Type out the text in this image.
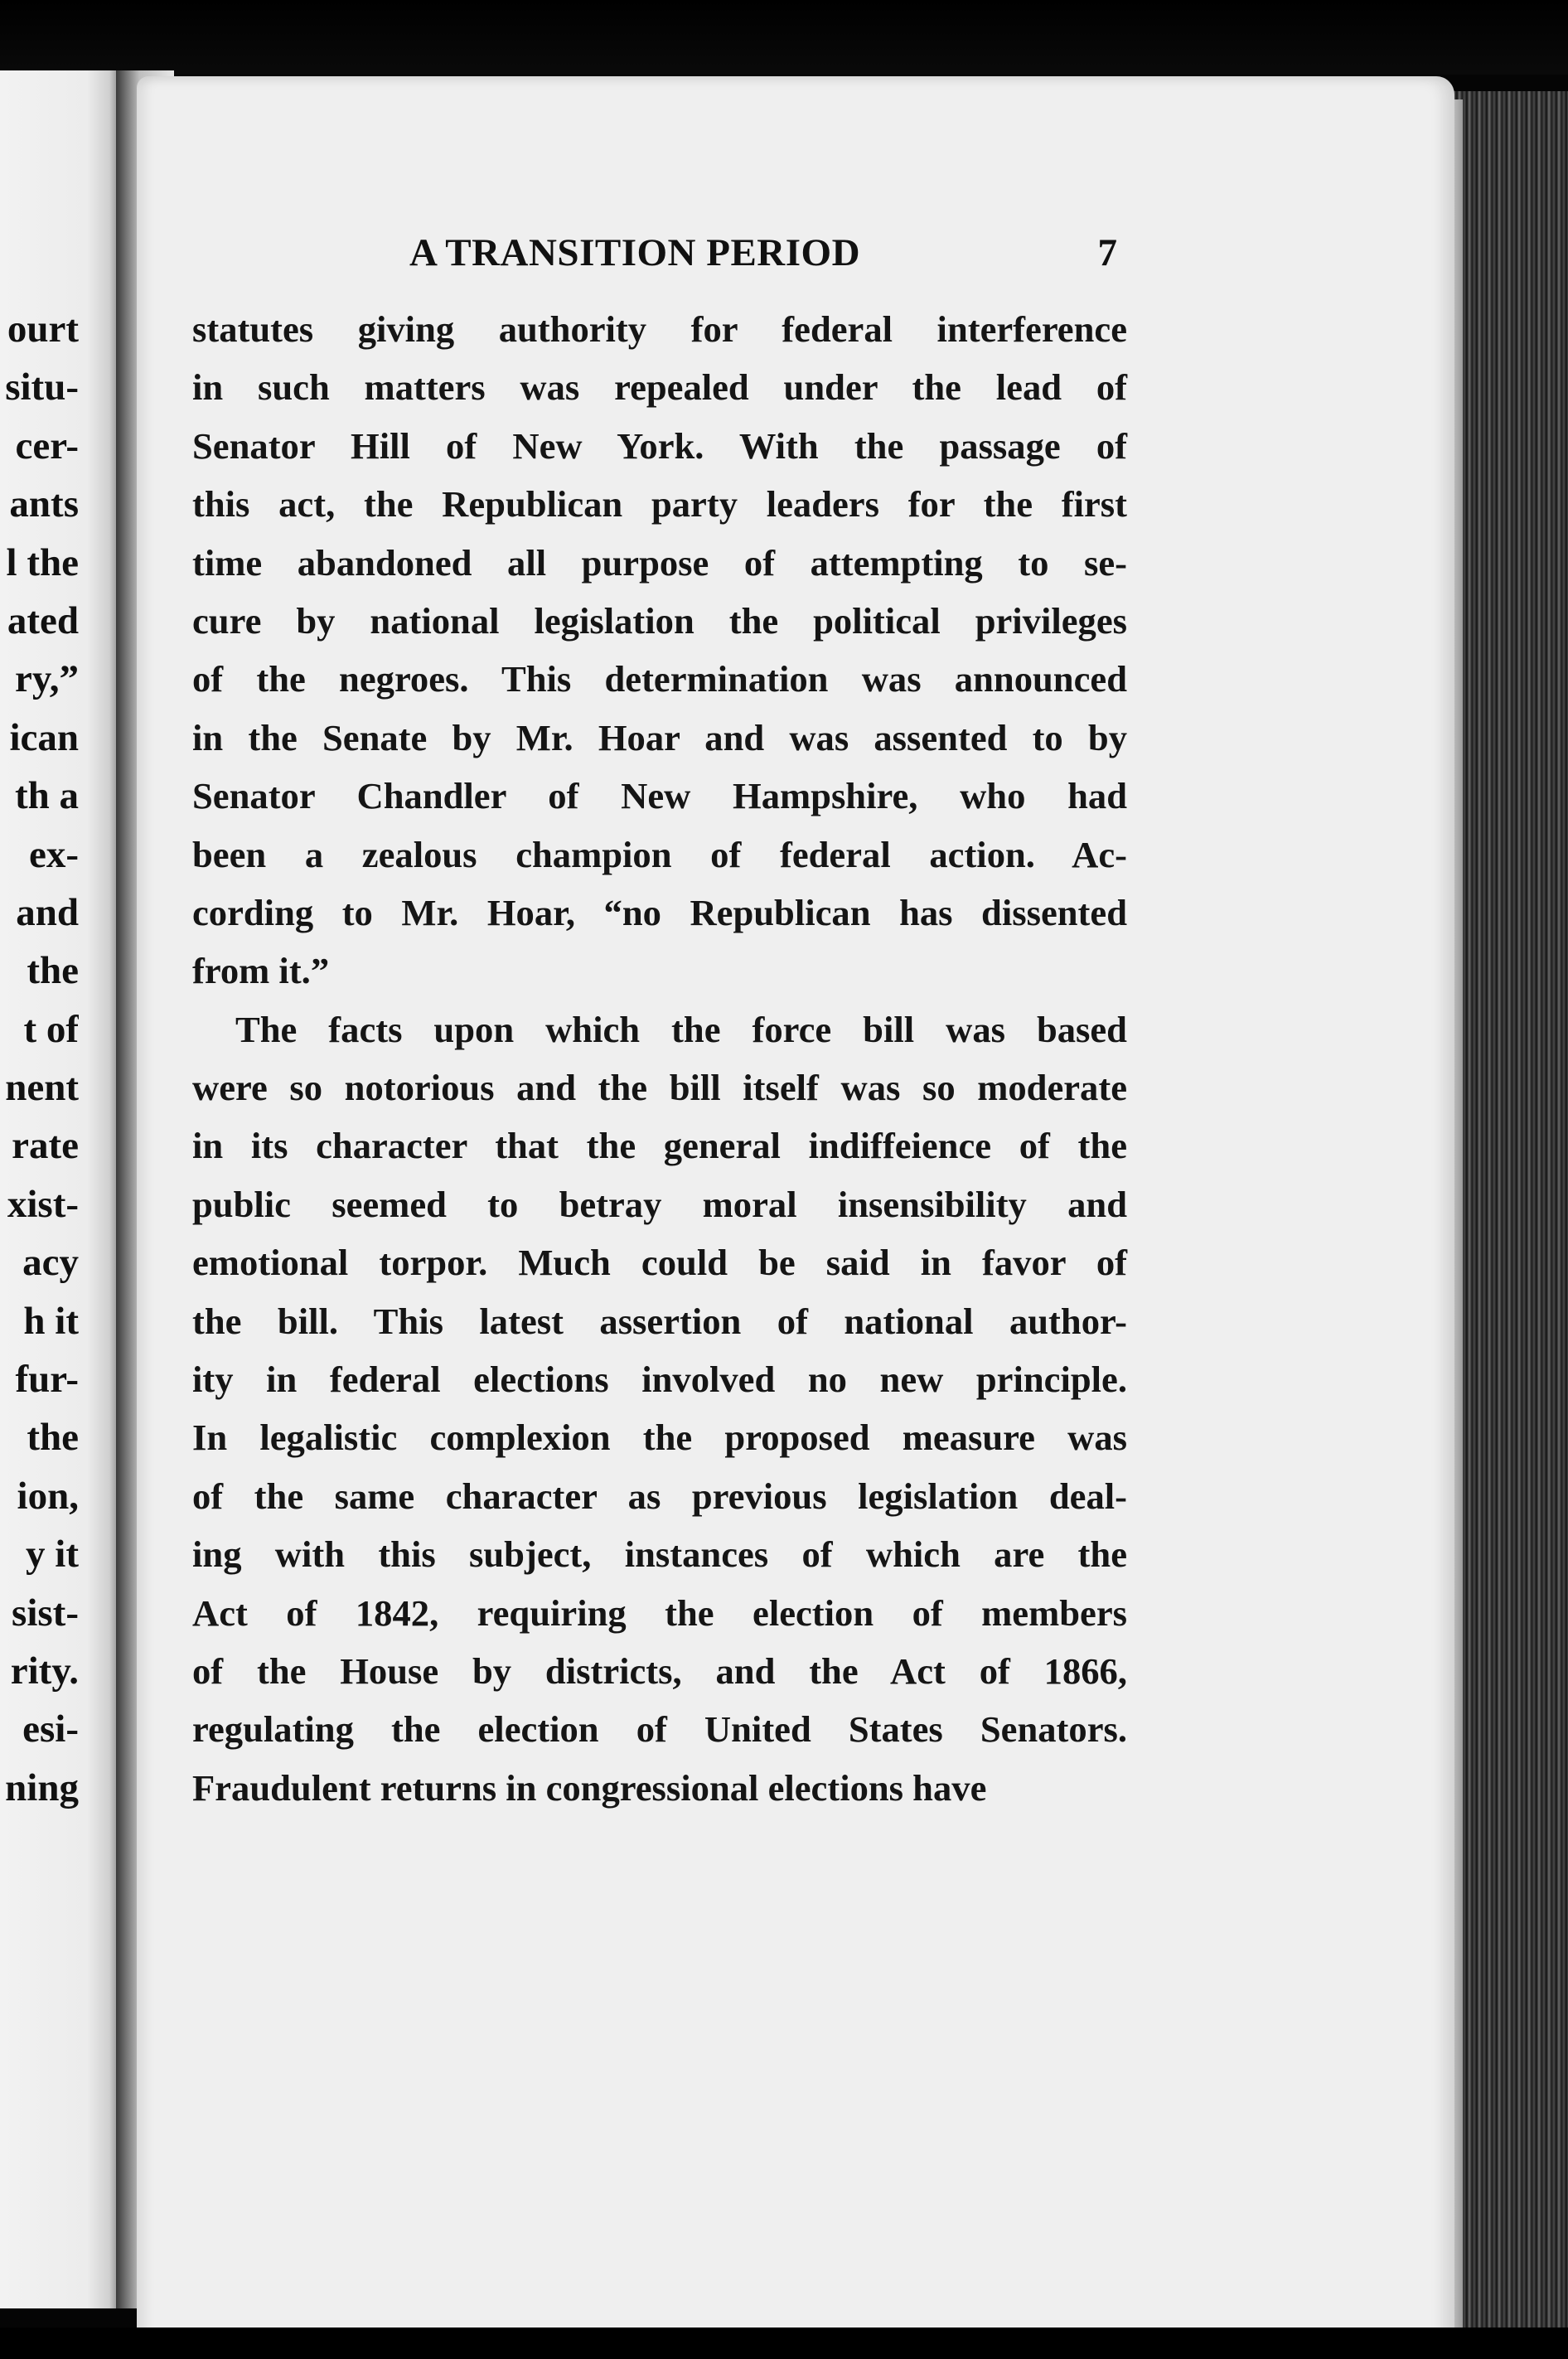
ourt
situ-
cer-
ants
l the
ated
ry,”
ican
th a
ex-
and
the
t of
nent
rate
xist-
acy
h it
fur-
the
ion,
y it
sist-
rity.
esi-
ning
A TRANSITION PERIOD	7
statutes giving authority for federal interference
in such matters was repealed under the lead of
Senator Hill of New York. With the passage of
this act, the Republican party leaders for the first
time abandoned all purpose of attempting to se-
cure by national legislation the political privileges
of the negroes. This determination was announced
in the Senate by Mr. Hoar and was assented to by
Senator Chandler of New Hampshire, who had
been a zealous champion of federal action. Ac-
cording to Mr. Hoar, “no Republican has dissented
from it.”
The facts upon which the force bill was based
were so notorious and the bill itself was so moderate
in its character that the general indiffeience of the
public seemed to betray moral insensibility and
emotional torpor. Much could be said in favor of
the bill. This latest assertion of national author-
ity in federal elections involved no new principle.
In legalistic complexion the proposed measure was
of the same character as previous legislation deal-
ing with this subject, instances of which are the
Act of 1842, requiring the election of members
of the House by districts, and the Act of 1866,
regulating the election of United States Senators.
Fraudulent returns in congressional elections have
